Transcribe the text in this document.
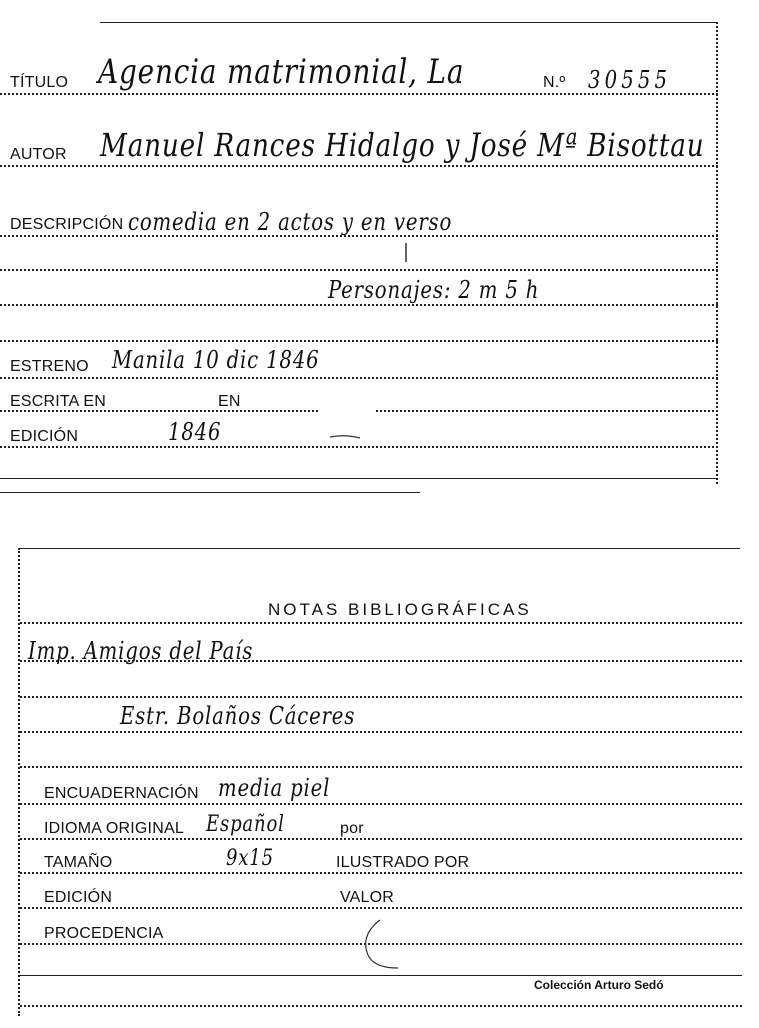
TÍTULO Agencia matrimonial, La	N.º 30555
AUTOR Manuel Rances Hidalgo y José Mª Bisottau
DESCRIPCIÓN comedia en 2 actos y en verso
Personajes: 2 m 5 h
ESTRENO Manila 10 dic 1846
ESCRITA EN	EN
EDICIÓN	1846
NOTAS BIBLIOGRÁFICAS
Imp. Amigos del País
Estr. Bolaños Cáceres
ENCUADERNACIÓN media piel
IDIOMA ORIGINAL Español	por
TAMAÑO	9x15	ILUSTRADO POR
EDICIÓN	VALOR
PROCEDENCIA
Colección Arturo Sedó
